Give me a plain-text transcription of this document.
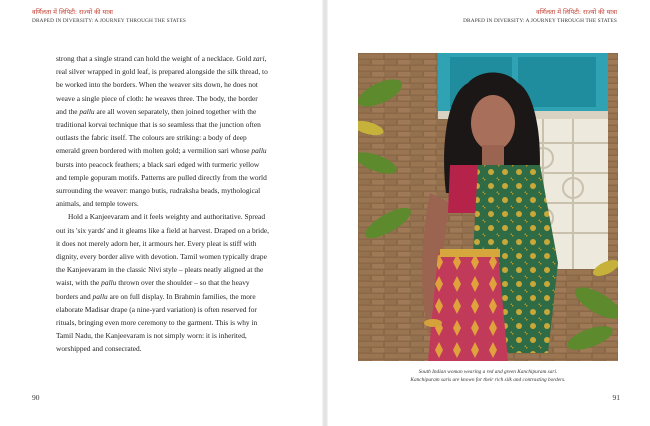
वर्णिलता में लिपिटी: राज्यों की यात्रा
DRAPED IN DIVERSITY: A JOURNEY THROUGH THE STATES
वर्णिलता में लिपिटी: राज्यों की यात्रा
DRAPED IN DIVERSITY: A JOURNEY THROUGH THE STATES

strong that a single strand can hold the weight of a necklace. Gold zari, real silver wrapped in gold leaf, is prepared alongside the silk thread, to be worked into the borders. When the weaver sits down, he does not weave a single piece of cloth: he weaves three. The body, the border and the pallu are all woven separately, then joined together with the traditional korvai technique that is so seamless that the junction often outlasts the fabric itself. The colours are striking: a body of deep emerald green bordered with molten gold; a vermilion sari whose pallu bursts into peacock feathers; a black sari edged with turmeric yellow and temple gopuram motifs. Patterns are pulled directly from the world surrounding the weaver: mango butis, rudraksha beads, mythological animals, and temple towers.

Hold a Kanjeevaram and it feels weighty and authoritative. Spread out its 'six yards' and it gleams like a field at harvest. Draped on a bride, it does not merely adorn her, it armours her. Every pleat is stiff with dignity, every border alive with devotion. Tamil women typically drape the Kanjeevaram in the classic Nivi style – pleats neatly aligned at the waist, with the pallu thrown over the shoulder – so that the heavy borders and pallu are on full display. In Brahmin families, the more elaborate Madisar drape (a nine-yard variation) is often reserved for rituals, bringing even more ceremony to the garment. This is why in Tamil Nadu, the Kanjeevaram is not simply worn: it is inherited, worshipped and consecrated.

South Indian woman wearing a red and green Kanchipuram sari.
Kanchipuram saris are known for their rich silk and contrasting borders.
90	91
